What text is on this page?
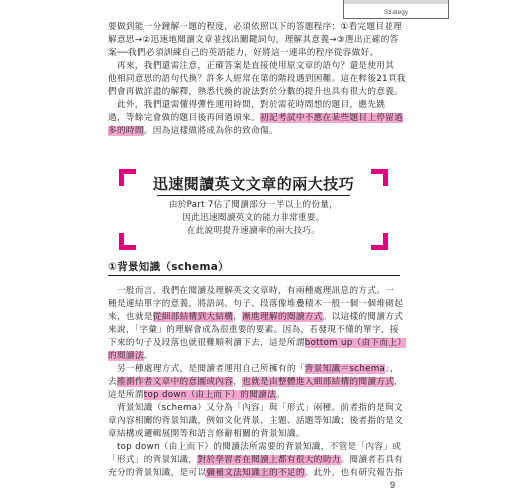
Strategy
要做到能一分鐘解一題的程度，必須依照以下的答題程序：①看完題目並理
解意思→②迅速地閱讀文章並找出關鍵詞句，理解其意義→③選出正確的答
案──我們必須訓練自己的英語能力，好將這一連串的程序從容做好。
　再來，我們還需注意，正確答案是直接使用原文章的語句？還是使用其
他相同意思的語句代換？許多人經常在第的階段遇到困難。這在粹後21頁我
們會再做詳盡的解釋，熟悉代換的說法對於分數的提升也具有很大的意義。
　此外，我們還需懂得彈性運用時間，對於需花時間想的題目，應先跳
過，等餘完會做的題目後再回過頭來。初記考試中不應在某些題目上停留過
多的時間。因為這樣做將成為你的致命傷。
迅速閱讀英文文章的兩大技巧
由於Part 7佔了閱讀部分一半以上的份量，
因此迅速閱讀英文的能力非常重要。
在此說明提升速讀率的兩大技巧。
①背景知識（schema）
　一般而言，我們在閱讀及理解英文文章時，有兩種處理訊息的方式。一
種是連結單字的意義，將語詞、句子、段落像堆疊積木一般一個一個堆砌起
來，也就是從細部結構到大結構，漸進理解的閱讀方式。以這樣的閱讀方式
來說，「字彙」的理解會成為很重要的要素。因為，若發現不懂的單字，接
下來的句子及段落也就很難順利讀下去，這是所謂bottom up（由下而上）
的閱讀法。
　另一種處理方式，是閱讀者運用自己所擁有的「背景知識＝schema」，
去推測作者文章中的意圖或內容，也就是由整體進入細部結構的閱讀方式，
這是所謂top down（由上而下）的閱讀法。
　背景知識（schema）又分為「內容」與「形式」兩種。前者指的是與文
章內容相關的背景知識，例如文化背景、主題、話題等知識；後者指的是文
章結構或邏輯展開等和語言修辭相關的背景知識。
　top down（由上而下）的閱讀法所需要的背景知識，不管是「內容」或
「形式」的背景知識，對於學習者在閱讀上都有很大的助力。閱讀者若具有
充分的背景知識，是可以彌補文法知識上的不足的。此外，也有研究報告指
9
